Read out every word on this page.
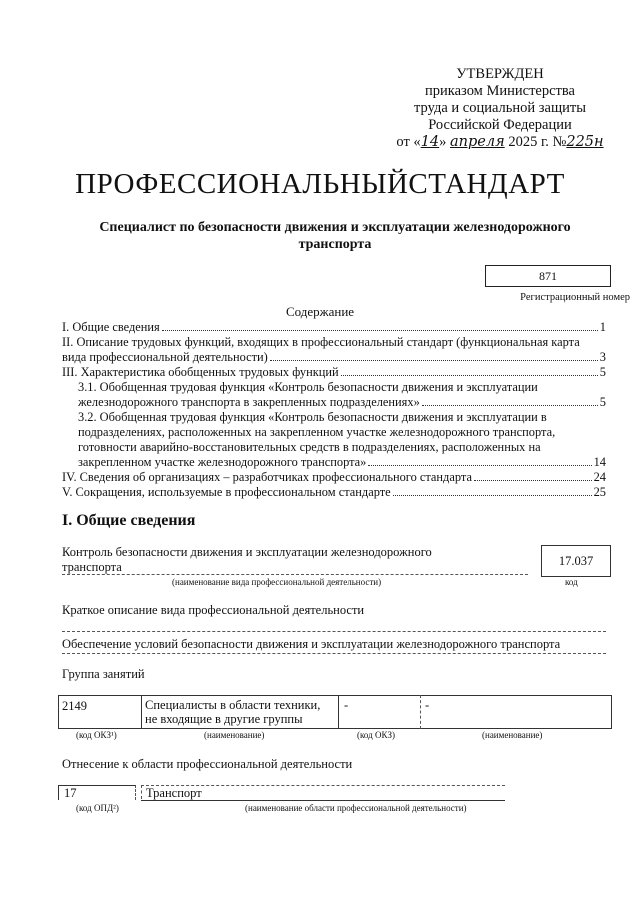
УТВЕРЖДЕН
приказом Министерства
труда и социальной защиты
Российской Федерации
от «14» апреля 2025 г. №225н
ПРОФЕССИОНАЛЬНЫЙСТАНДАРТ
Специалист по безопасности движения и эксплуатации железнодорожного транспорта
871
Регистрационный номер
Содержание
I. Общие сведения	1
II. Описание трудовых функций, входящих в профессиональный стандарт (функциональная карта
вида профессиональной деятельности)	3
III. Характеристика обобщенных трудовых функций	5
3.1. Обобщенная трудовая функция «Контроль безопасности движения и эксплуатации
железнодорожного транспорта в закрепленных подразделениях»	5
3.2. Обобщенная трудовая функция «Контроль безопасности движения и эксплуатации в
подразделениях, расположенных на закрепленном участке железнодорожного транспорта,
готовности аварийно-восстановительных средств в подразделениях, расположенных на
закрепленном участке железнодорожного транспорта»	14
IV. Сведения об организациях – разработчиках профессионального стандарта	24
V. Сокращения, используемые в профессиональном стандарте	25
I. Общие сведения
Контроль безопасности движения и эксплуатации железнодорожного
транспорта	17.037
(наименование вида профессиональной деятельности)	код
Краткое описание вида профессиональной деятельности
Обеспечение условий безопасности движения и эксплуатации железнодорожного транспорта
Группа занятий
2149	Специалисты в области техники,
не входящие в другие группы
-	-
(код ОКЗ¹)	(наименование)	(код ОКЗ)	(наименование)
Отнесение к области профессиональной деятельности
17	Транспорт
(код ОПД²)	(наименование области профессиональной деятельности)
